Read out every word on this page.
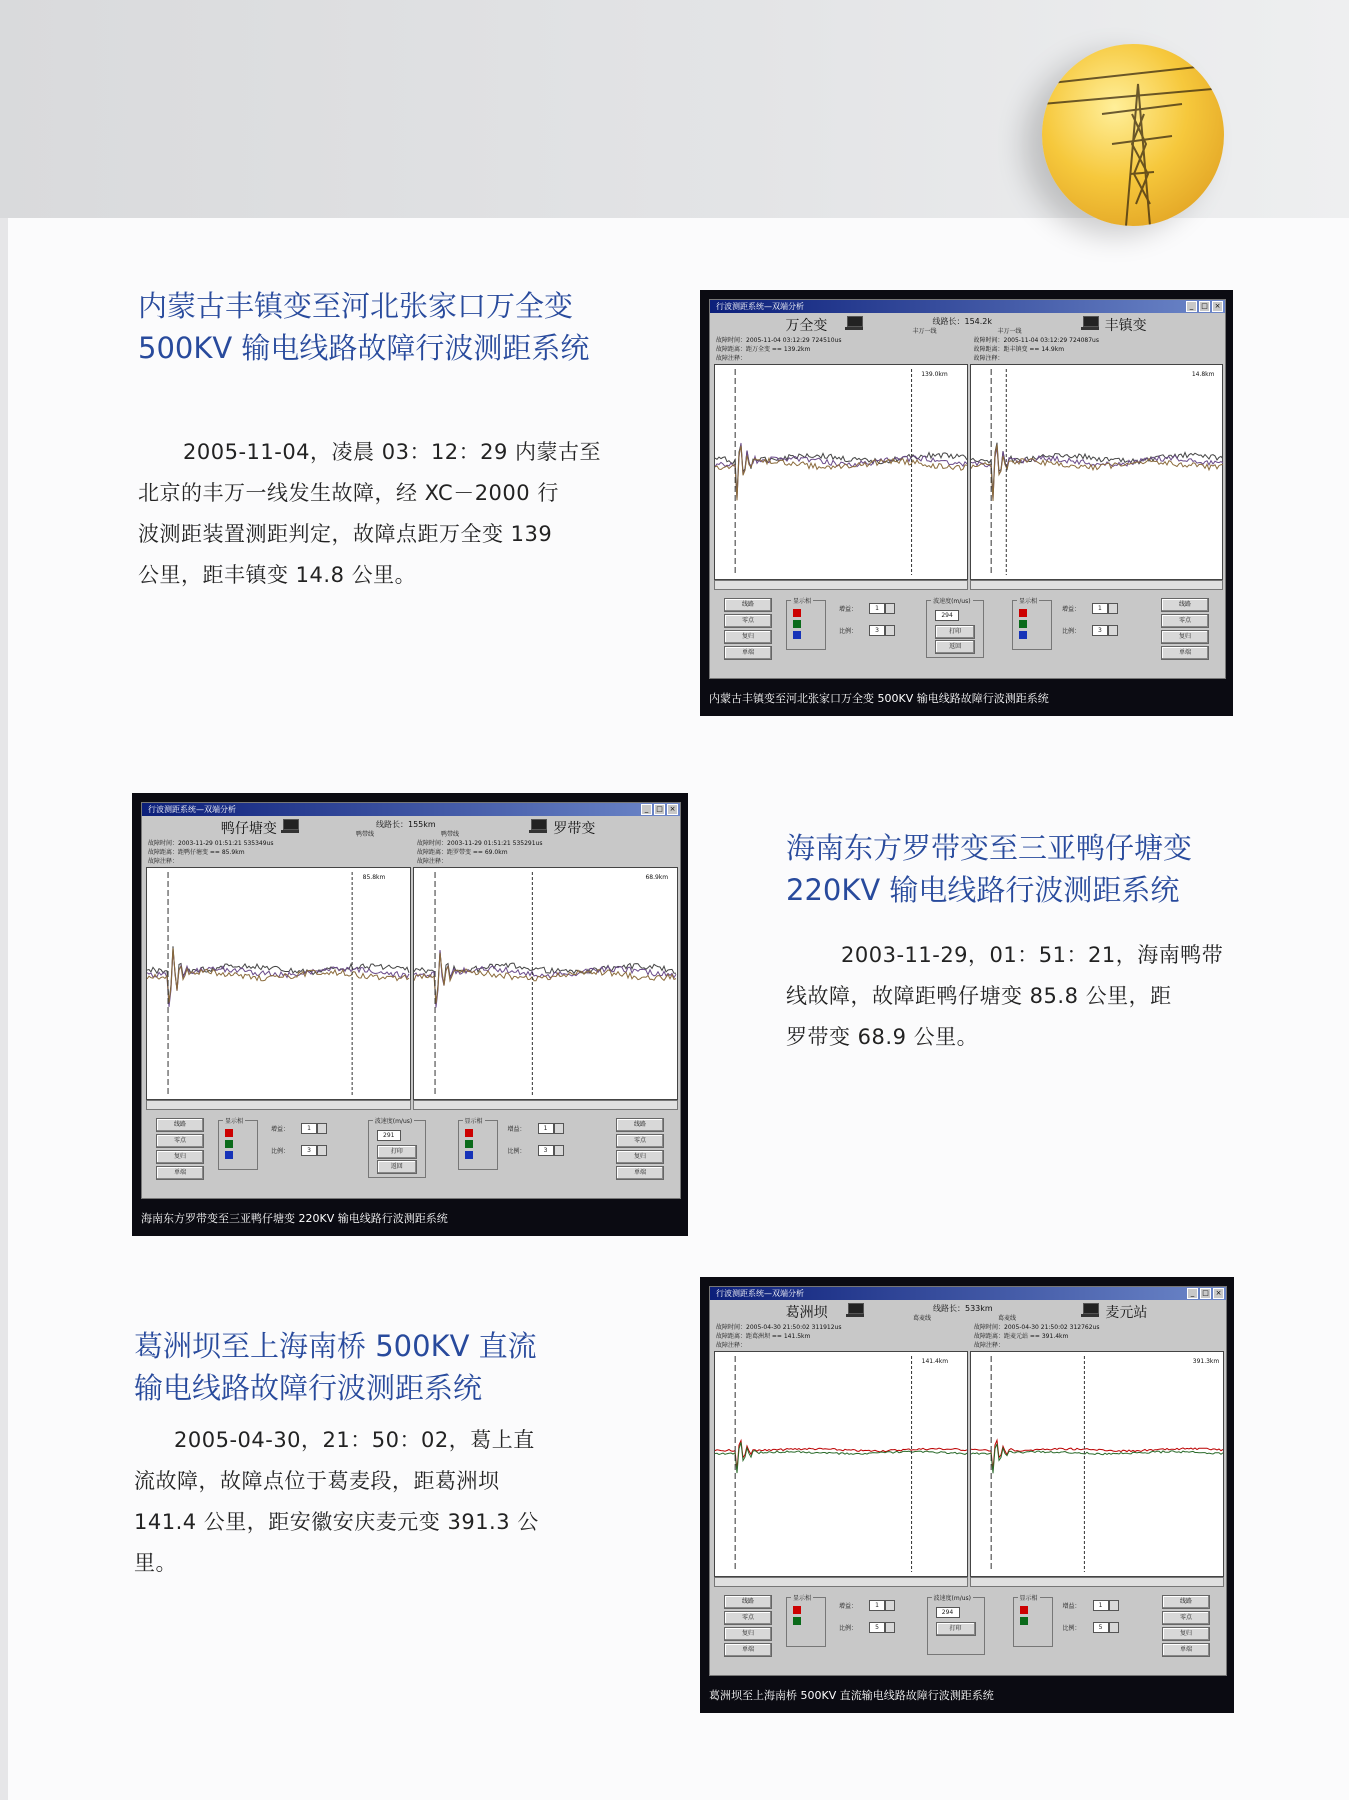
内蒙古丰镇变至河北张家口万全变
500KV 输电线路故障行波测距系统

2005-11-04，凌晨 03：12：29 内蒙古至
北京的丰万一线发生故障，经 XC－2000 行
波测距装置测距判定，故障点距万全变 139
公里，距丰镇变 14.8 公里。

海南东方罗带变至三亚鸭仔塘变
220KV 输电线路行波测距系统

2003-11-29，01：51：21，海南鸭带
线故障，故障距鸭仔塘变 85.8 公里，距
罗带变 68.9 公里。

葛洲坝至上海南桥 500KV 直流
输电线路故障行波测距系统

2005-04-30，21：50：02，葛上直
流故障，故障点位于葛麦段，距葛洲坝
141.4 公里，距安徽安庆麦元变 391.3 公
里。

行波测距系统—双端分析	_	□ ×
万全变	线路长：154.2k
丰万一线	丰万一线	丰镇变
故障时间：2005-11-04 03:12:29 724510us
故障距离：距万全变 == 139.2km
故障注释：
故障时间：2005-11-04 03:12:29 724087us
故障距离：距丰镇变 == 14.9km
故障注释：
139.0km	14.8km
线路
零点
复归
单端
显示相
增益：	1
比例：	3
波速度(m/us)
294
打印
返回
显示相
增益：	1
比例：	3
线路
零点
复归
单端
内蒙古丰镇变至河北张家口万全变 500KV 输电线路故障行波测距系统
行波测距系统—双端分析	_	□ ×
鸭仔塘变	线路长：155km
鸭带线	鸭带线	罗带变
故障时间：2003-11-29 01:51:21 535349us
故障距离：距鸭仔塘变 == 85.9km
故障注释：
故障时间：2003-11-29 01:51:21 535291us
故障距离：距罗带变 == 69.0km
故障注释：
85.8km	68.9km
线路
零点
复归
单端
显示相
增益：	1
比例：	3
波速度(m/us)
291
打印
返回
显示相
增益：	1
比例：	3
线路
零点
复归
单端
海南东方罗带变至三亚鸭仔塘变 220KV 输电线路行波测距系统
行波测距系统—双端分析	_	□ ×
葛洲坝	线路长：533km
葛麦线	葛麦线	麦元站
故障时间：2005-04-30 21:50:02 311912us
故障距离：距葛洲坝 == 141.5km
故障注释：
故障时间：2005-04-30 21:50:02 312762us
故障距离：距麦元站 == 391.4km
故障注释：
141.4km	391.3km
线路
零点
复归
单端
显示相
增益：	1
比例：	5
波速度(m/us)
294
打印
显示相
增益：	1
比例：	5
线路
零点
复归
单端
葛洲坝至上海南桥 500KV 直流输电线路故障行波测距系统
